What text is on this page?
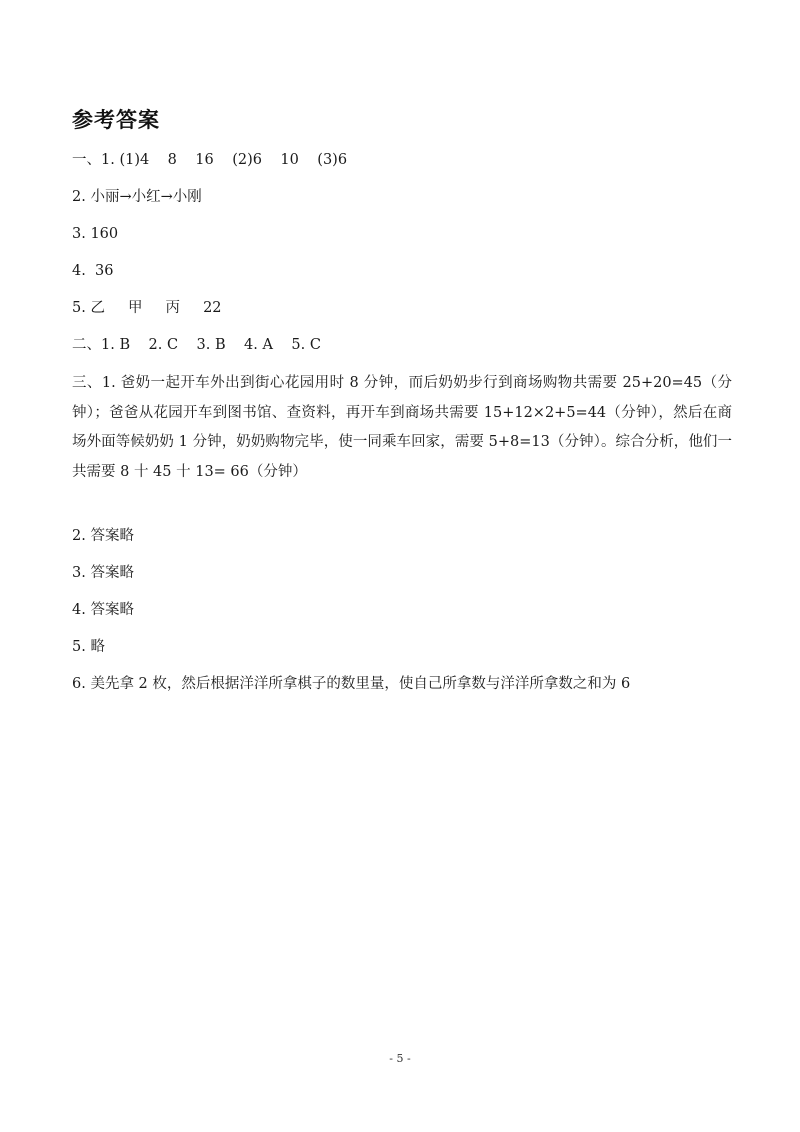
参考答案

一、1. (1)4    8    16    (2)6    10    (3)6

2. 小丽→小红→小刚

3. 160

4.  36

5. 乙     甲     丙     22

二、1. B    2. C    3. B    4. A    5. C

三、1. 爸奶一起开车外出到街心花园用时 8 分钟，而后奶奶步行到商场购物共需要 25+20=45（分钟）；爸爸从花园开车到图书馆、查资料，再开车到商场共需要 15+12×2+5=44（分钟），然后在商场外面等候奶奶 1 分钟，奶奶购物完毕，使一同乘车回家，需要 5+8=13（分钟）。综合分析，他们一共需要 8 十 45 十 13= 66（分钟）

2. 答案略

3. 答案略

4. 答案略

5. 略

6. 美先拿 2 枚，然后根据洋洋所拿棋子的数里量，使自己所拿数与洋洋所拿数之和为 6

- 5 -
